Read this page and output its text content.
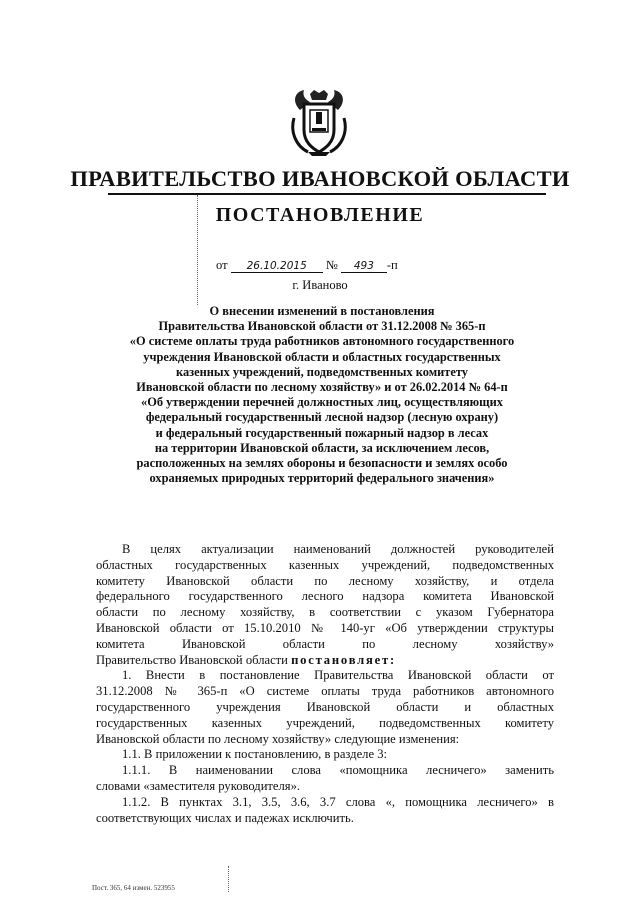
ПРАВИТЕЛЬСТВО ИВАНОВСКОЙ ОБЛАСТИ
ПОСТАНОВЛЕНИЕ
от 26.10.2015 № 493 -п
г. Иваново
О внесении изменений в постановления
Правительства Ивановской области от 31.12.2008 № 365-п
«О системе оплаты труда работников автономного государственного
учреждения Ивановской области и областных государственных
казенных учреждений, подведомственных комитету
Ивановской области по лесному хозяйству» и от 26.02.2014 № 64-п
«Об утверждении перечней должностных лиц, осуществляющих
федеральный государственный лесной надзор (лесную охрану)
и федеральный государственный пожарный надзор в лесах
на территории Ивановской области, за исключением лесов,
расположенных на землях обороны и безопасности и землях особо
охраняемых природных территорий федерального значения»

В целях актуализации наименований должностей руководителей

областных государственных казенных учреждений, подведомственных

комитету Ивановской области по лесному хозяйству, и отдела

федерального государственного лесного надзора комитета Ивановской

области по лесному хозяйству, в соответствии с указом Губернатора

Ивановской области от 15.10.2010 № 140-уг «Об утверждении структуры

комитета Ивановской области по лесному хозяйству»

Правительство Ивановской области постановляет:

1. Внести в постановление Правительства Ивановской области от

31.12.2008 № 365-п «О системе оплаты труда работников автономного

государственного учреждения Ивановской области и областных

государственных казенных учреждений, подведомственных комитету

Ивановской области по лесному хозяйству» следующие изменения:

1.1. В приложении к постановлению, в разделе 3:

1.1.1. В наименовании слова «помощника лесничего» заменить

словами «заместителя руководителя».

1.1.2. В пунктах 3.1, 3.5, 3.6, 3.7 слова «, помощника лесничего» в

соответствующих числах и падежах исключить.

Пост. 365, 64 измен. 523955
